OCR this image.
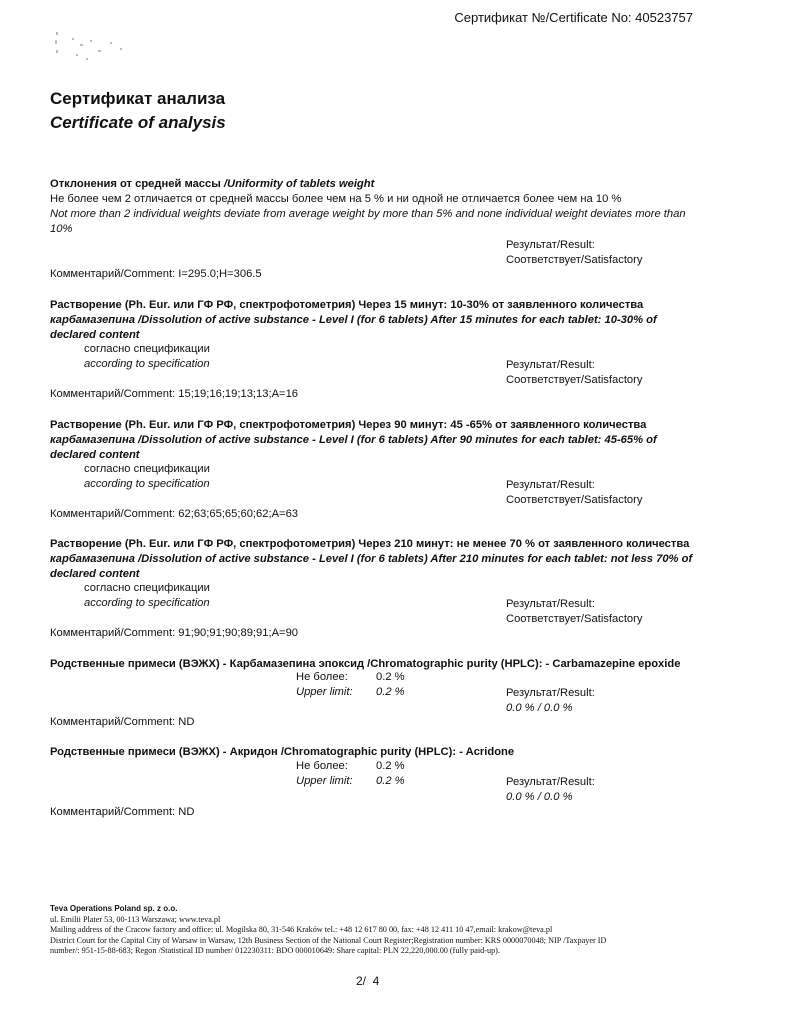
Сертификат №/Certificate No: 40523757
Сертификат анализа
Certificate of analysis
Отклонения от средней массы /Uniformity of tablets weight
Не более чем 2 отличается от средней массы более чем на 5 % и ни одной не отличается более чем на 10 %
Not more than 2 individual weights deviate from average weight by more than 5% and none individual weight deviates more than
10%
Результат/Result:
Соответствует/Satisfactory
Комментарий/Comment: I=295.0;H=306.5
Растворение (Ph. Eur. или ГФ РФ, спектрофотометрия) Через 15 минут: 10-30% от заявленного количества
карбамазепина /Dissolution of active substance - Level I (for 6 tablets) After 15 minutes for each tablet: 10-30% of
declared content
согласно спецификации
according to specification	Результат/Result:
Соответствует/Satisfactory
Комментарий/Comment: 15;19;16;19;13;13;A=16
Растворение (Ph. Eur. или ГФ РФ, спектрофотометрия) Через 90 минут: 45 -65% от заявленного количества
карбамазепина /Dissolution of active substance - Level I (for 6 tablets) After 90 minutes for each tablet: 45-65% of
declared content
согласно спецификации
according to specification	Результат/Result:
Соответствует/Satisfactory
Комментарий/Comment: 62;63;65;65;60;62;A=63
Растворение (Ph. Eur. или ГФ РФ, спектрофотометрия) Через 210 минут: не менее 70 % от заявленного количества
карбамазепина /Dissolution of active substance - Level I (for 6 tablets) After 210 minutes for each tablet: not less 70% of
declared content
согласно спецификации
according to specification	Результат/Result:
Соответствует/Satisfactory
Комментарий/Comment: 91;90;91;90;89;91;A=90
Родственные примеси (ВЭЖХ) - Карбамазепина эпоксид /Chromatographic purity (HPLC): - Carbamazepine epoxide
Не более:	0.2 %
Upper limit: 0.2 %	Результат/Result:
0.0 % / 0.0 %
Комментарий/Comment: ND
Родственные примеси (ВЭЖХ) - Акридон /Chromatographic purity (HPLC): - Acridone
Не более:	0.2 %
Upper limit: 0.2 %	Результат/Result:
0.0 % / 0.0 %
Комментарий/Comment: ND
Teva Operations Poland sp. z o.o.
ul. Emilii Plater 53, 00-113 Warszawa; www.teva.pl
Mailing address of the Cracow factory and office: ul. Mogilska 80, 31-546 Kraków tel.: +48 12 617 80 00, fax: +48 12 411 10 47,email: krakow@teva.pl
District Court for the Capital City of Warsaw in Warsaw, 12th Business Section of the National Court Register;Registration number: KRS 0000070048; NIP /Taxpayer ID
number/: 951-15-88-683; Regon /Statistical ID number/ 012230311: BDO 000010649: Share capital: PLN 22,220,000.00 (fully paid-up).
2/  4
